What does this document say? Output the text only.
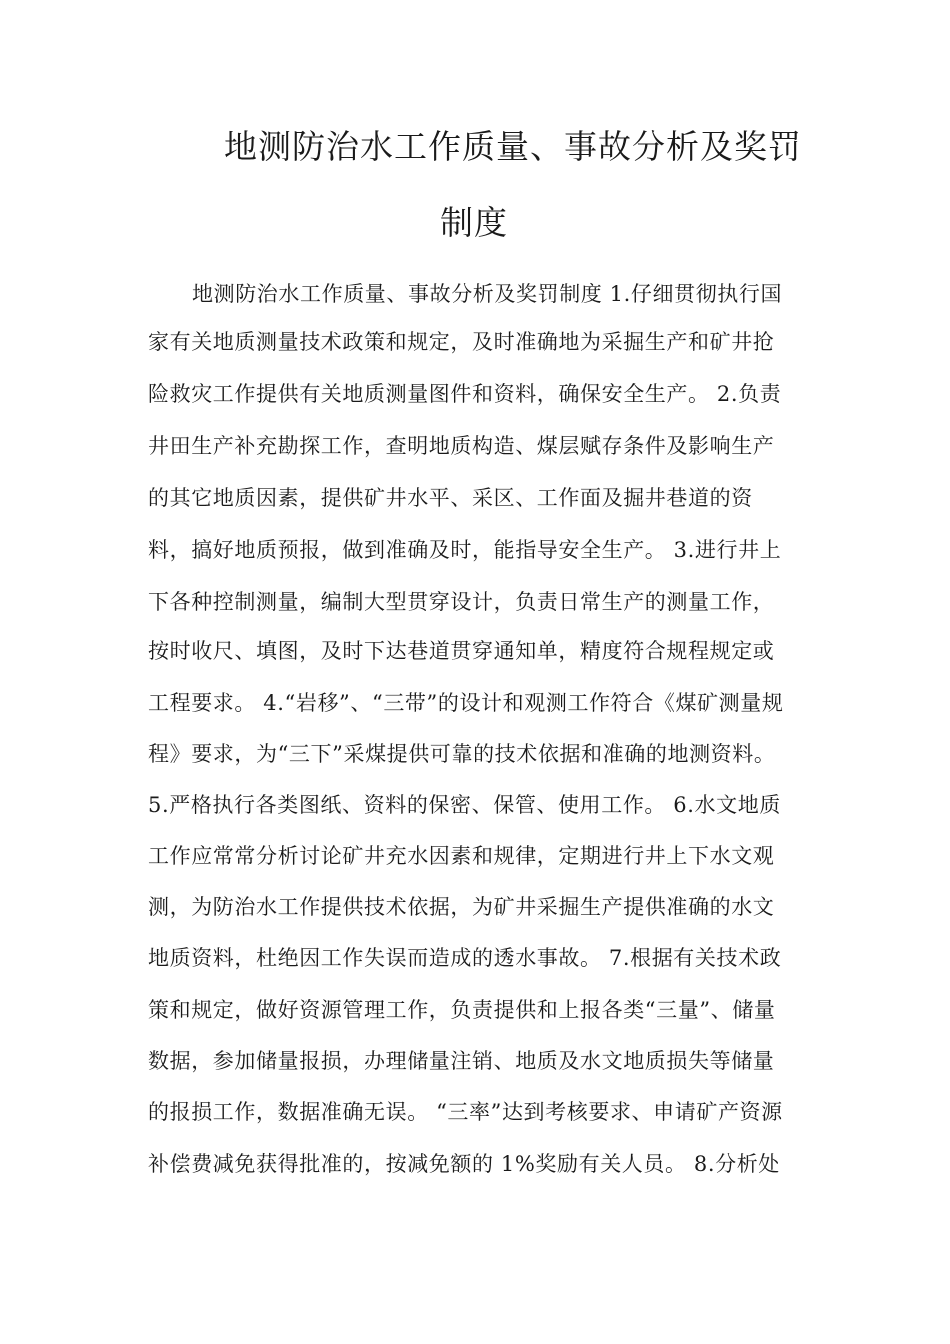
地测防治水工作质量、事故分析及奖罚
制度
地测防治水工作质量、事故分析及奖罚制度 1.仔细贯彻执行国
家有关地质测量技术政策和规定，及时准确地为采掘生产和矿井抢
险救灾工作提供有关地质测量图件和资料，确保安全生产。 2.负责
井田生产补充勘探工作，查明地质构造、煤层赋存条件及影响生产
的其它地质因素，提供矿井水平、采区、工作面及掘井巷道的资
料，搞好地质预报，做到准确及时，能指导安全生产。 3.进行井上
下各种控制测量，编制大型贯穿设计，负责日常生产的测量工作，
按时收尺、填图，及时下达巷道贯穿通知单，精度符合规程规定或
工程要求。 4.“岩移”、“三带”的设计和观测工作符合《煤矿测量规
程》要求，为“三下”采煤提供可靠的技术依据和准确的地测资料。
5.严格执行各类图纸、资料的保密、保管、使用工作。 6.水文地质
工作应常常分析讨论矿井充水因素和规律，定期进行井上下水文观
测，为防治水工作提供技术依据，为矿井采掘生产提供准确的水文
地质资料，杜绝因工作失误而造成的透水事故。 7.根据有关技术政
策和规定，做好资源管理工作，负责提供和上报各类“三量”、储量
数据，参加储量报损，办理储量注销、地质及水文地质损失等储量
的报损工作，数据准确无误。 “三率”达到考核要求、申请矿产资源
补偿费减免获得批准的，按减免额的 1%奖励有关人员。 8.分析处
